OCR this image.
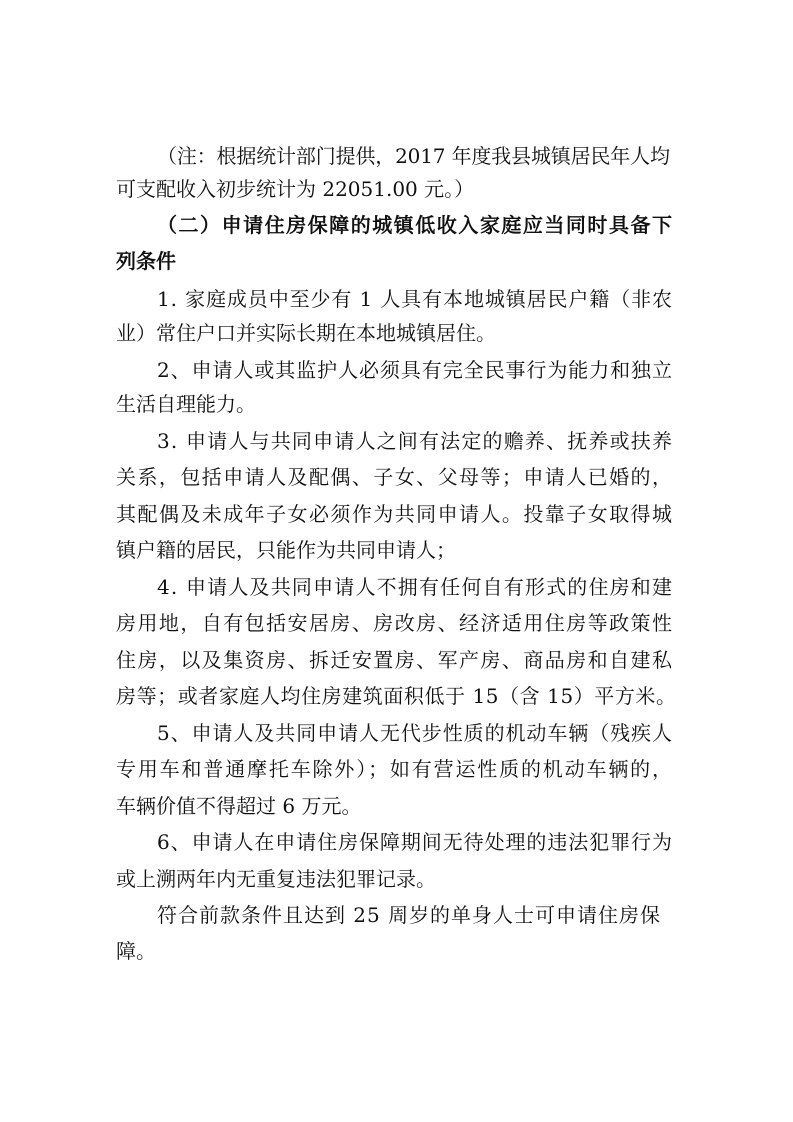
（注：根据统计部门提供，2017 年度我县城镇居民年人均

可支配收入初步统计为 22051.00 元。）

（二）申请住房保障的城镇低收入家庭应当同时具备下

列条件

1. 家庭成员中至少有 1 人具有本地城镇居民户籍（非农

业）常住户口并实际长期在本地城镇居住。

2、申请人或其监护人必须具有完全民事行为能力和独立

生活自理能力。

3. 申请人与共同申请人之间有法定的赡养、抚养或扶养

关系，包括申请人及配偶、子女、父母等；申请人已婚的，

其配偶及未成年子女必须作为共同申请人。投靠子女取得城

镇户籍的居民，只能作为共同申请人；

4. 申请人及共同申请人不拥有任何自有形式的住房和建

房用地，自有包括安居房、房改房、经济适用住房等政策性

住房，以及集资房、拆迁安置房、军产房、商品房和自建私

房等；或者家庭人均住房建筑面积低于 15（含 15）平方米。

5、申请人及共同申请人无代步性质的机动车辆（残疾人

专用车和普通摩托车除外）；如有营运性质的机动车辆的，

车辆价值不得超过 6 万元。

6、申请人在申请住房保障期间无待处理的违法犯罪行为

或上溯两年内无重复违法犯罪记录。

符合前款条件且达到 25 周岁的单身人士可申请住房保

障。
